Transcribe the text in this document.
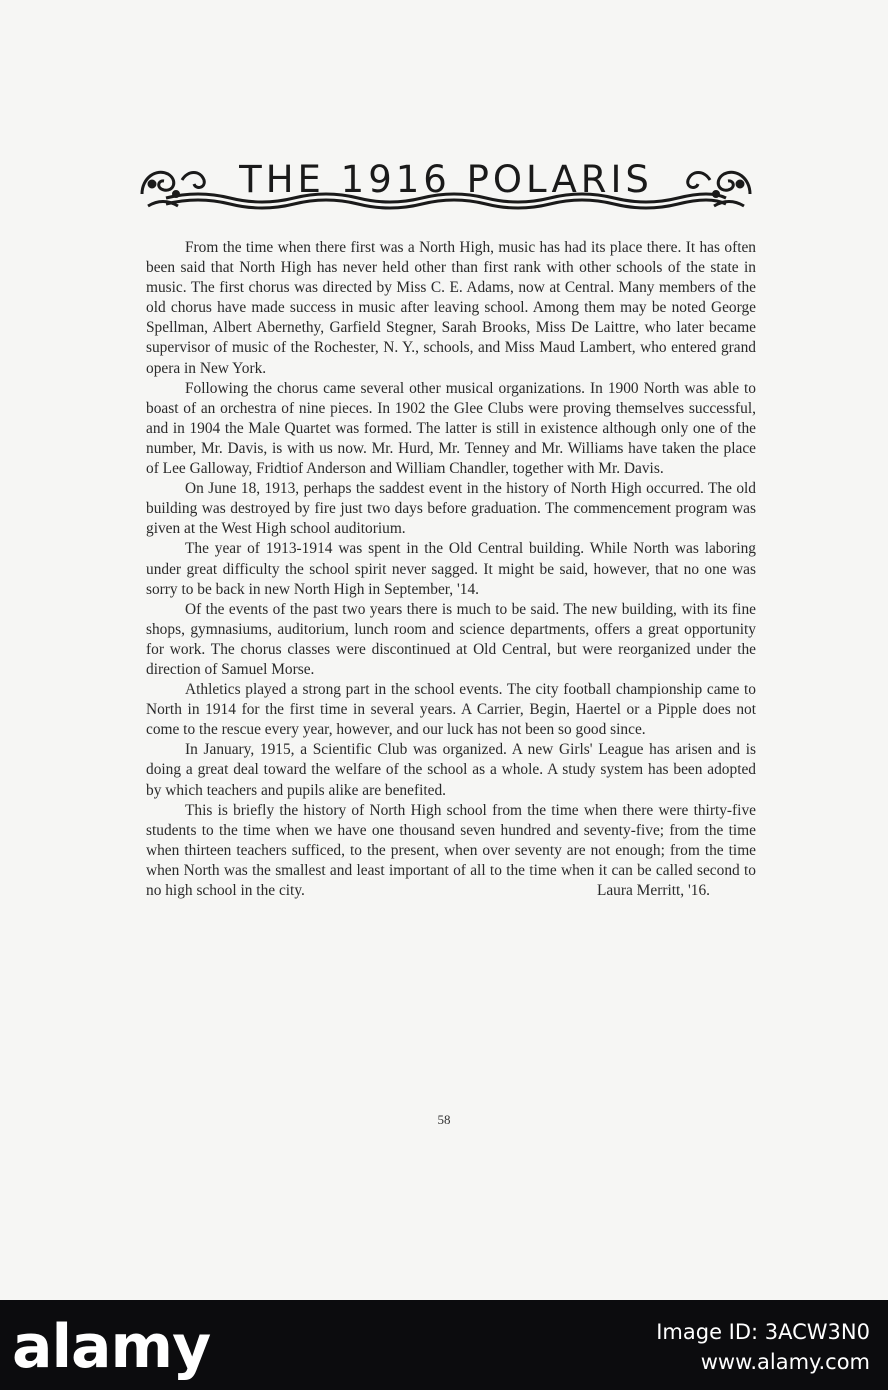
THE 1916 POLARIS

From the time when there first was a North High, music has had its place there. It has often been said that North High has never held other than first rank with other schools of the state in music. The first chorus was directed by Miss C. E. Adams, now at Central. Many members of the old chorus have made success in music after leaving school. Among them may be noted George Spellman, Albert Abernethy, Garfield Stegner, Sarah Brooks, Miss De Laittre, who later became supervisor of music of the Rochester, N. Y., schools, and Miss Maud Lambert, who entered grand opera in New York.

Following the chorus came several other musical organizations. In 1900 North was able to boast of an orchestra of nine pieces. In 1902 the Glee Clubs were proving themselves successful, and in 1904 the Male Quartet was formed. The latter is still in existence although only one of the number, Mr. Davis, is with us now. Mr. Hurd, Mr. Tenney and Mr. Williams have taken the place of Lee Galloway, Fridtiof Anderson and William Chandler, together with Mr. Davis.

On June 18, 1913, perhaps the saddest event in the history of North High occurred. The old building was destroyed by fire just two days before graduation. The commencement program was given at the West High school auditorium.

The year of 1913-1914 was spent in the Old Central building. While North was laboring under great difficulty the school spirit never sagged. It might be said, however, that no one was sorry to be back in new North High in September, '14.

Of the events of the past two years there is much to be said. The new building, with its fine shops, gymnasiums, auditorium, lunch room and science departments, offers a great opportunity for work. The chorus classes were discontinued at Old Central, but were reorganized under the direction of Samuel Morse.

Athletics played a strong part in the school events. The city football championship came to North in 1914 for the first time in several years. A Carrier, Begin, Haertel or a Pipple does not come to the rescue every year, however, and our luck has not been so good since.

In January, 1915, a Scientific Club was organized. A new Girls' League has arisen and is doing a great deal toward the welfare of the school as a whole. A study system has been adopted by which teachers and pupils alike are benefited.

This is briefly the history of North High school from the time when there were thirty-five students to the time when we have one thousand seven hundred and seventy-five; from the time when thirteen teachers sufficed, to the present, when over seventy are not enough; from the time when North was the smallest and least important of all to the time when it can be called second to no high school in the city.	Laura Merritt, '16.
58
alamy	Image ID: 3ACW3N0
www.alamy.com
